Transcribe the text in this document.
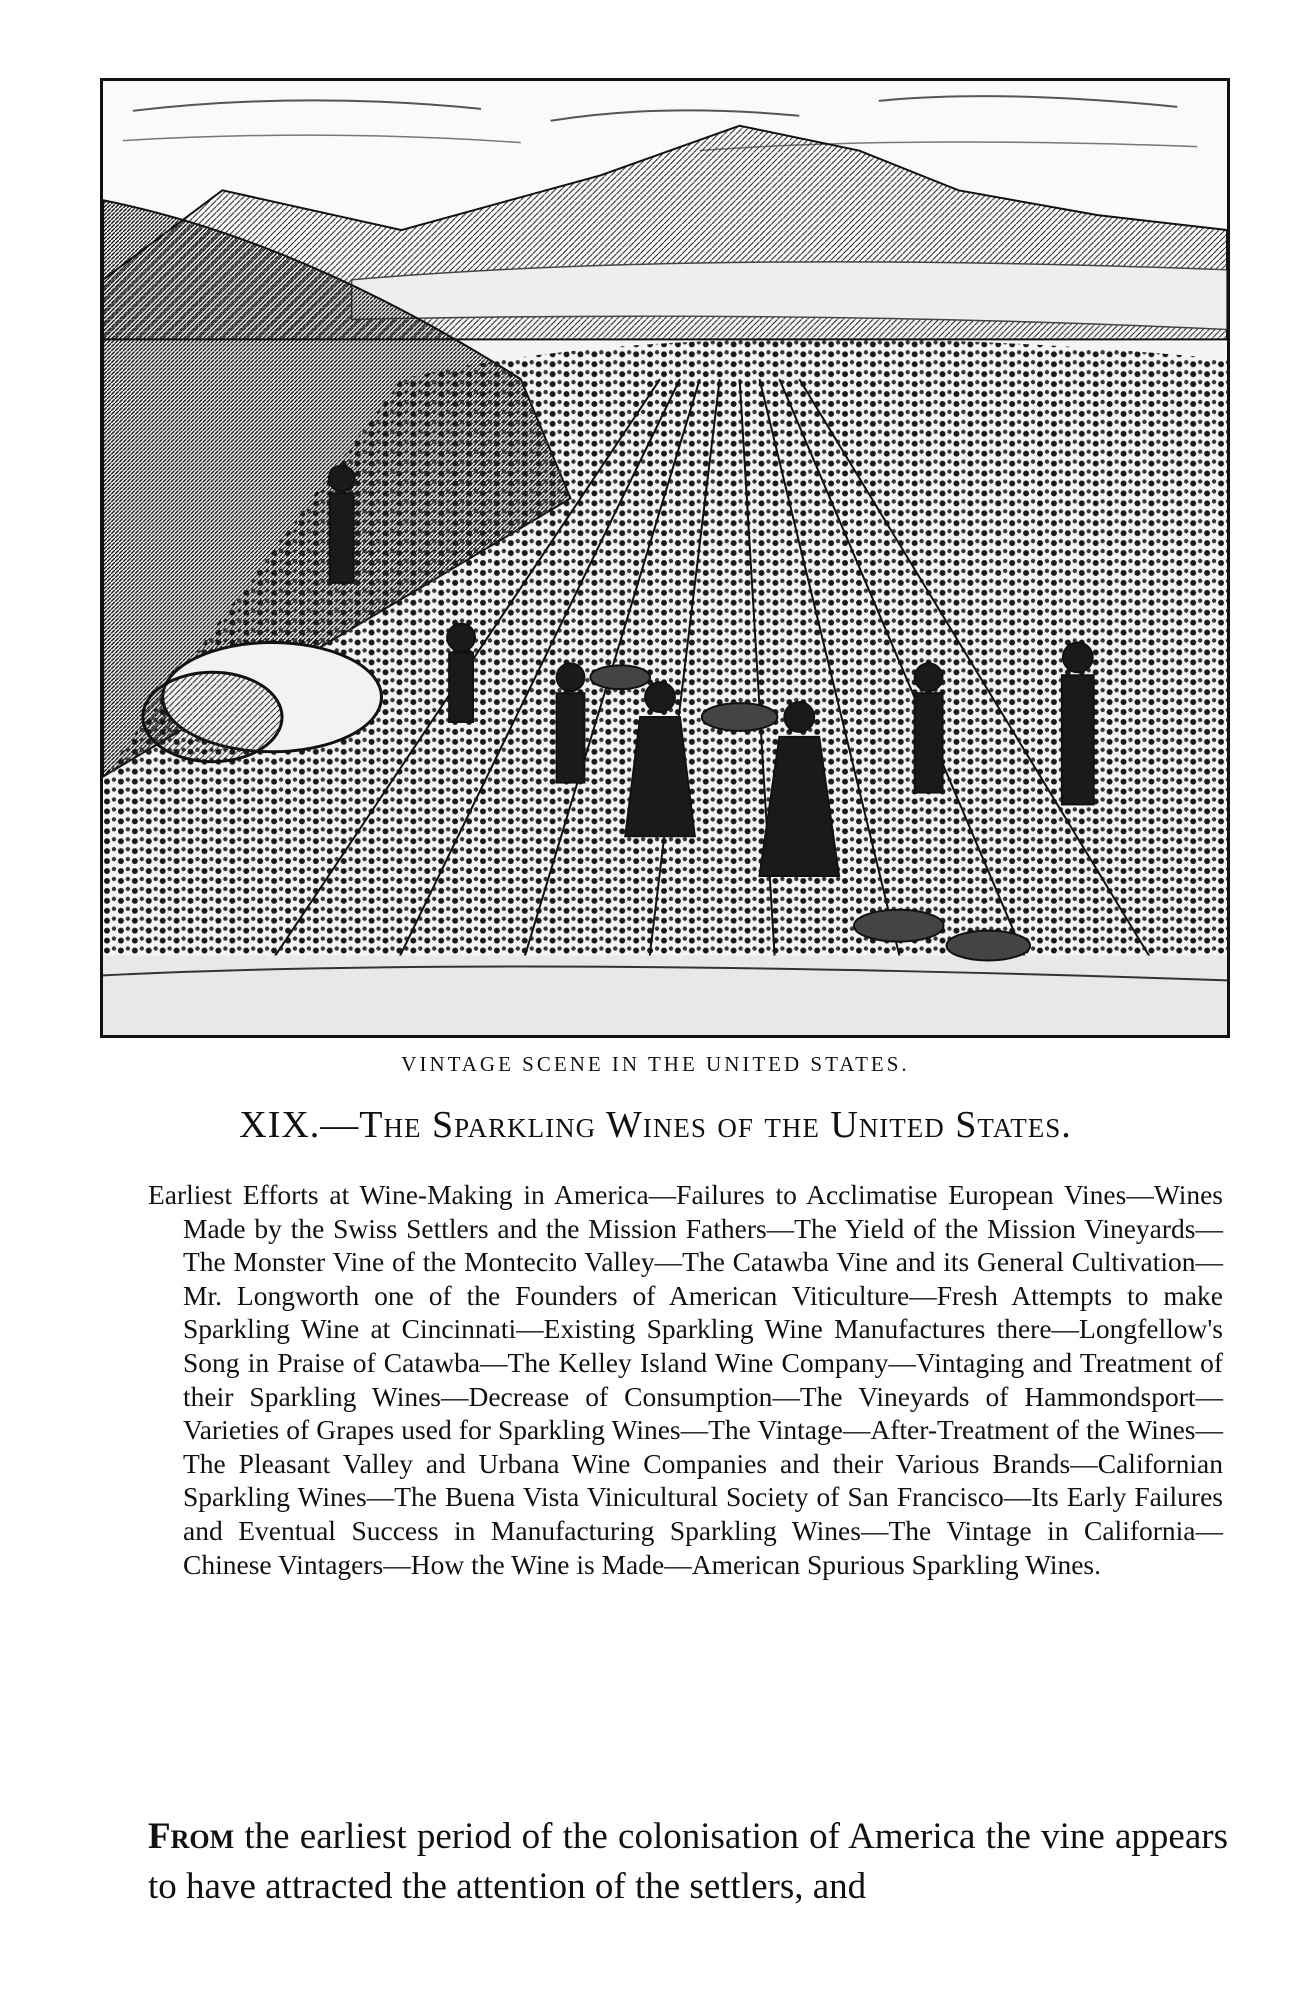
VINTAGE SCENE IN THE UNITED STATES.
XIX.—The Sparkling Wines of the United States.
Earliest Efforts at Wine-Making in America—Failures to Acclimatise European Vines—Wines Made by the Swiss Settlers and the Mission Fathers—The Yield of the Mission Vineyards—The Monster Vine of the Montecito Valley—The Catawba Vine and its General Cultivation—Mr. Longworth one of the Founders of American Viticulture—Fresh Attempts to make Sparkling Wine at Cincinnati—Existing Sparkling Wine Manufactures there—Longfellow's Song in Praise of Catawba—The Kelley Island Wine Company—Vintaging and Treatment of their Sparkling Wines—Decrease of Consumption—The Vineyards of Hammondsport—Varieties of Grapes used for Sparkling Wines—The Vintage—After-Treatment of the Wines—The Pleasant Valley and Urbana Wine Companies and their Various Brands—Californian Sparkling Wines—The Buena Vista Vinicultural Society of San Francisco—Its Early Failures and Eventual Success in Manufacturing Sparkling Wines—The Vintage in California—Chinese Vintagers—How the Wine is Made—American Spurious Sparkling Wines.
From the earliest period of the colonisation of America the vine appears to have attracted the attention of the settlers, and
